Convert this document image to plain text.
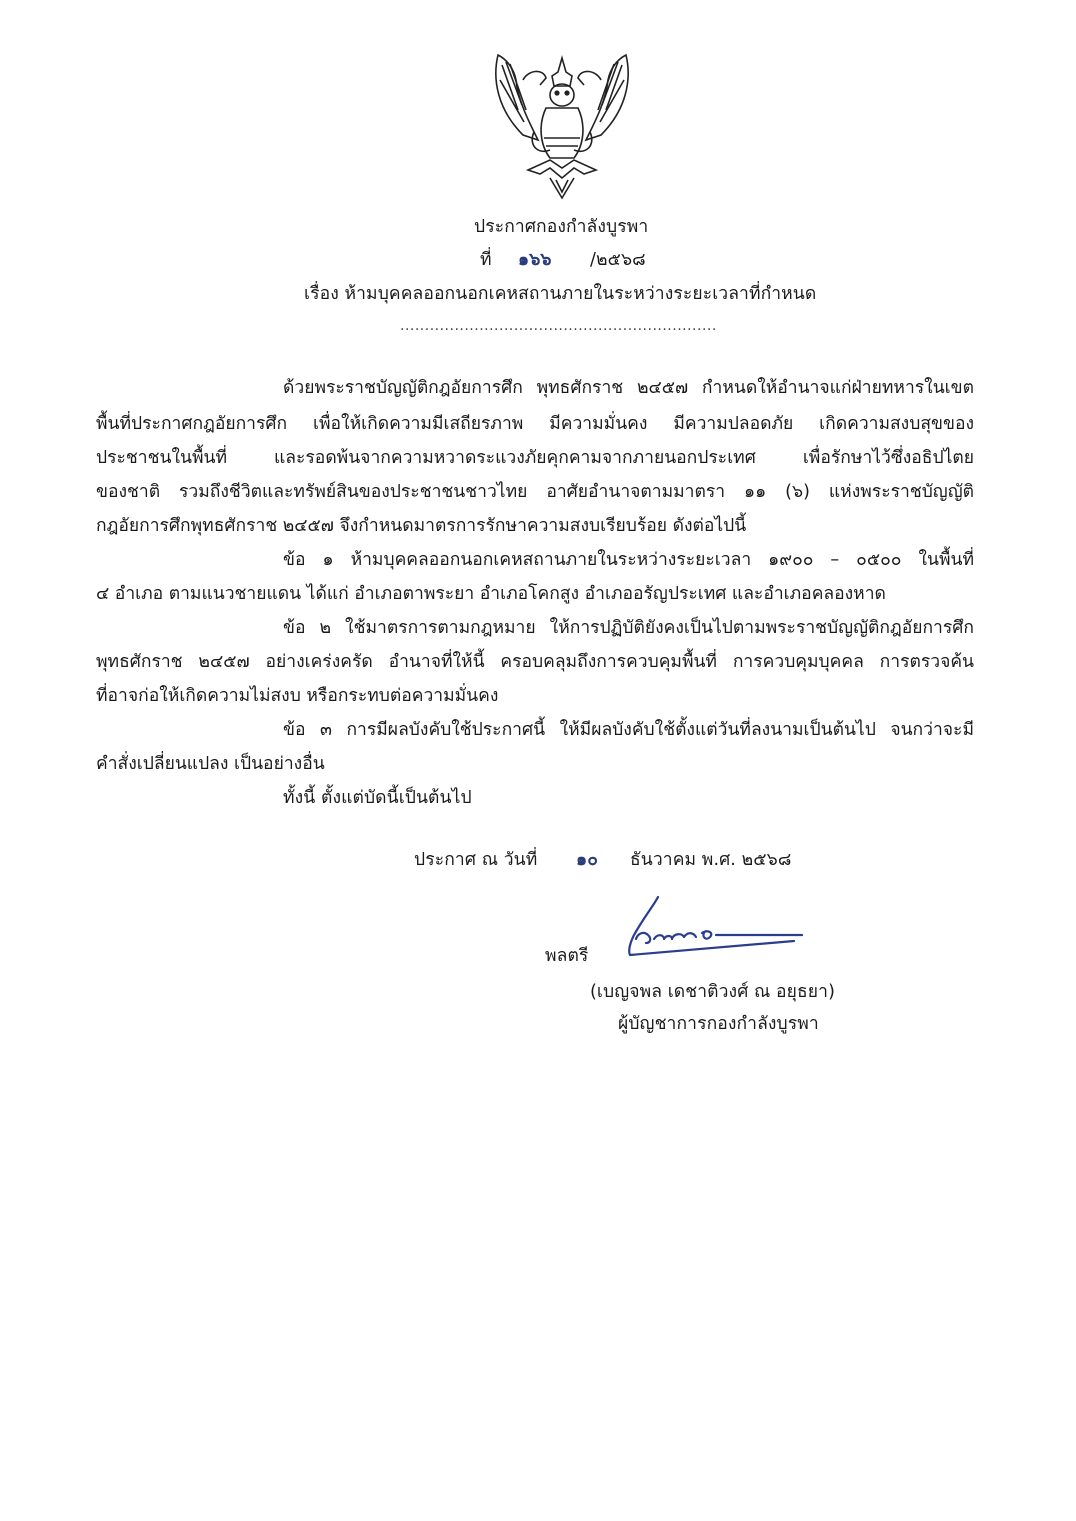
ประกาศกองกำลังบูรพา
ที่ ๑๖๖ /๒๕๖๘
เรื่อง ห้ามบุคคลออกนอกเคหสถานภายในระหว่างระยะเวลาที่กำหนด
................................................................
ด้วยพระราชบัญญัติกฎอัยการศึก พุทธศักราช ๒๔๕๗ กำหนดให้อำนาจแก่ฝ่ายทหารในเขต
พื้นที่ประกาศกฎอัยการศึก เพื่อให้เกิดความมีเสถียรภาพ มีความมั่นคง มีความปลอดภัย เกิดความสงบสุขของ
ประชาชนในพื้นที่ และรอดพ้นจากความหวาดระแวงภัยคุกคามจากภายนอกประเทศ เพื่อรักษาไว้ซึ่งอธิปไตย
ของชาติ รวมถึงชีวิตและทรัพย์สินของประชาชนชาวไทย อาศัยอำนาจตามมาตรา ๑๑ (๖) แห่งพระราชบัญญัติ
กฎอัยการศึกพุทธศักราช ๒๔๕๗ จึงกำหนดมาตรการรักษาความสงบเรียบร้อย ดังต่อไปนี้
ข้อ ๑ ห้ามบุคคลออกนอกเคหสถานภายในระหว่างระยะเวลา ๑๙๐๐ – ๐๕๐๐ ในพื้นที่
๔ อำเภอ ตามแนวชายแดน ได้แก่ อำเภอตาพระยา อำเภอโคกสูง อำเภออรัญประเทศ และอำเภอคลองหาด
ข้อ ๒ ใช้มาตรการตามกฎหมาย ให้การปฏิบัติยังคงเป็นไปตามพระราชบัญญัติกฎอัยการศึก
พุทธศักราช ๒๔๕๗ อย่างเคร่งครัด อำนาจที่ให้นี้ ครอบคลุมถึงการควบคุมพื้นที่ การควบคุมบุคคล การตรวจค้น
ที่อาจก่อให้เกิดความไม่สงบ หรือกระทบต่อความมั่นคง
ข้อ ๓ การมีผลบังคับใช้ประกาศนี้ ให้มีผลบังคับใช้ตั้งแต่วันที่ลงนามเป็นต้นไป จนกว่าจะมี
คำสั่งเปลี่ยนแปลง เป็นอย่างอื่น
ทั้งนี้ ตั้งแต่บัดนี้เป็นต้นไป
ประกาศ ณ วันที่ ๑๐ ธันวาคม พ.ศ. ๒๕๖๘
พลตรี
(เบญจพล เดชาติวงศ์ ณ อยุธยา)
ผู้บัญชาการกองกำลังบูรพา
